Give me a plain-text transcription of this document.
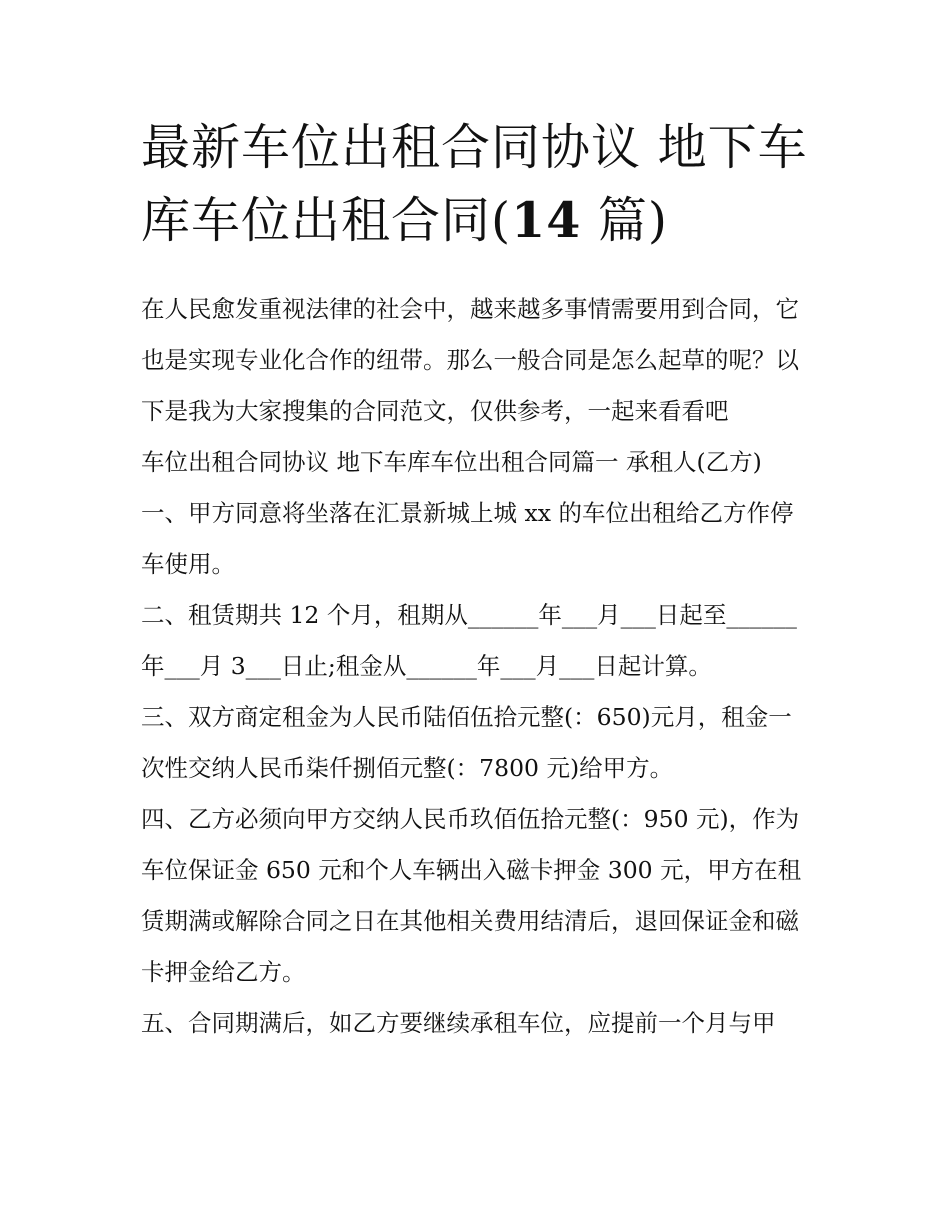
最新车位出租合同协议 地下车库车位出租合同(14 篇)

在人民愈发重视法律的社会中，越来越多事情需要用到合同，它也是实现专业化合作的纽带。那么一般合同是怎么起草的呢？以下是我为大家搜集的合同范文，仅供参考，一起来看看吧

车位出租合同协议 地下车库车位出租合同篇一 承租人(乙方)

一、甲方同意将坐落在汇景新城上城 xx 的车位出租给乙方作停车使用。

二、租赁期共 12 个月，租期从______年___月___日起至______年___月 3___日止;租金从______年___月___日起计算。

三、双方商定租金为人民币陆佰伍拾元整(：650)元月，租金一次性交纳人民币柒仟捌佰元整(：7800 元)给甲方。

四、乙方必须向甲方交纳人民币玖佰伍拾元整(：950 元)，作为车位保证金 650 元和个人车辆出入磁卡押金 300 元，甲方在租赁期满或解除合同之日在其他相关费用结清后，退回保证金和磁卡押金给乙方。

五、合同期满后，如乙方要继续承租车位，应提前一个月与甲
